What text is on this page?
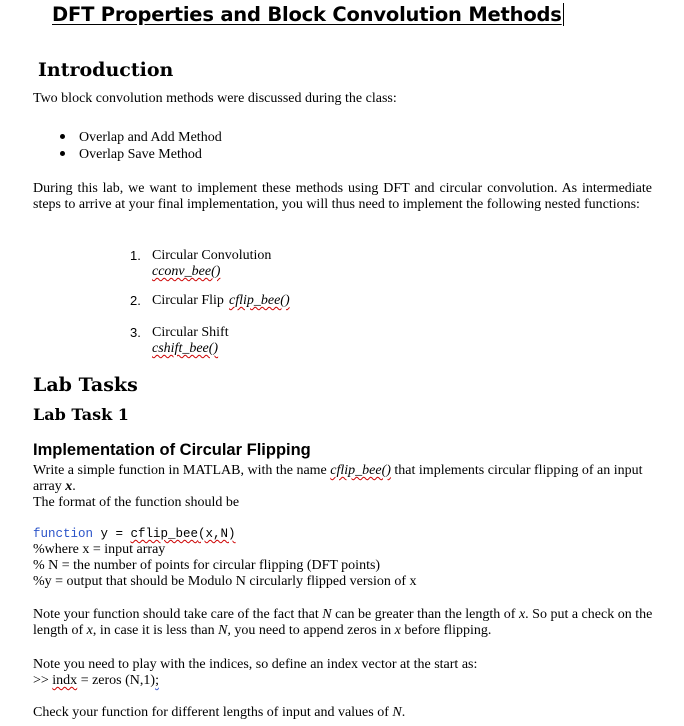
DFT Properties and Block Convolution Methods
Introduction
Two block convolution methods were discussed during the class:
Overlap and Add Method
Overlap Save Method
During this lab, we want to implement these methods using DFT and circular convolution. As intermediate steps to arrive at your final implementation, you will thus need to implement the following nested functions:
1. Circular Convolution
cconv_bee()
2. Circular Flip cflip_bee()
3. Circular Shift
cshift_bee()
Lab Tasks
Lab Task 1
Implementation of Circular Flipping
Write a simple function in MATLAB, with the name cflip_bee() that implements circular flipping of an input
array x.
The format of the function should be
function y = cflip_bee(x,N)
%where x = input array
% N = the number of points for circular flipping (DFT points)
%y = output that should be Modulo N circularly flipped version of x
Note your function should take care of the fact that N can be greater than the length of x. So put a check on the
length of x, in case it is less than N, you need to append zeros in x before flipping.
Note you need to play with the indices, so define an index vector at the start as:
>> indx = zeros (N,1);
Check your function for different lengths of input and values of N.
